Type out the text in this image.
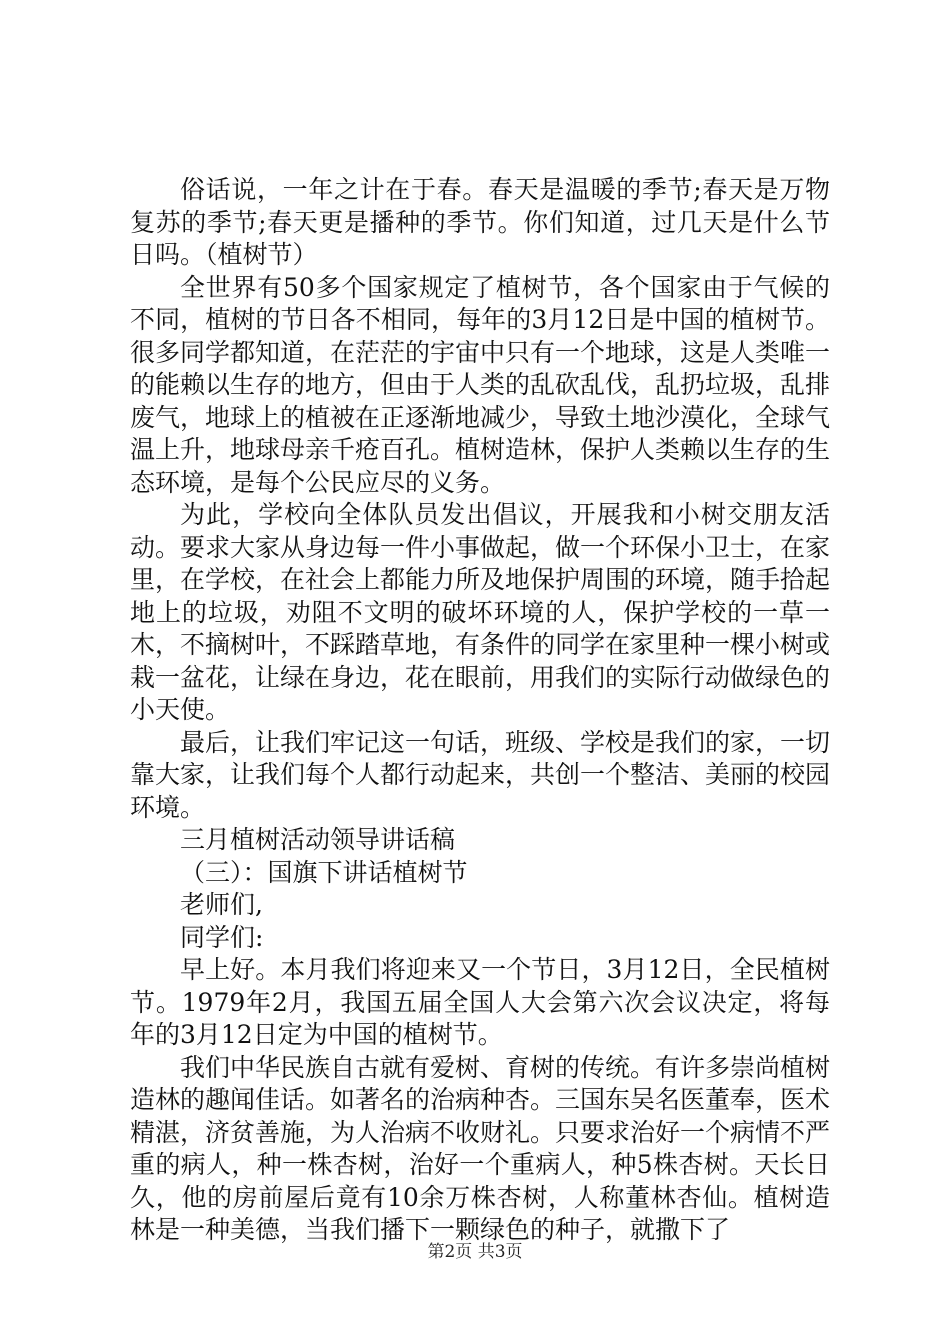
俗话说，一年之计在于春。春天是温暖的季节;春天是万物复苏的季节;春天更是播种的季节。你们知道，过几天是什么节日吗。（植树节）

全世界有50多个国家规定了植树节，各个国家由于气候的不同，植树的节日各不相同，每年的3月12日是中国的植树节。很多同学都知道，在茫茫的宇宙中只有一个地球，这是人类唯一的能赖以生存的地方，但由于人类的乱砍乱伐，乱扔垃圾，乱排废气，地球上的植被在正逐渐地减少，导致土地沙漠化，全球气温上升，地球母亲千疮百孔。植树造林，保护人类赖以生存的生态环境，是每个公民应尽的义务。

为此，学校向全体队员发出倡议，开展我和小树交朋友活动。要求大家从身边每一件小事做起，做一个环保小卫士，在家里，在学校，在社会上都能力所及地保护周围的环境，随手拾起地上的垃圾，劝阻不文明的破坏环境的人，保护学校的一草一木，不摘树叶，不踩踏草地，有条件的同学在家里种一棵小树或栽一盆花，让绿在身边，花在眼前，用我们的实际行动做绿色的小天使。

最后，让我们牢记这一句话，班级、学校是我们的家，一切靠大家，让我们每个人都行动起来，共创一个整洁、美丽的校园环境。

三月植树活动领导讲话稿

（三）：国旗下讲话植树节

老师们,

同学们:

早上好。本月我们将迎来又一个节日，3月12日，全民植树节。1979年2月，我国五届全国人大会第六次会议决定，将每年的3月12日定为中国的植树节。

我们中华民族自古就有爱树、育树的传统。有许多崇尚植树造林的趣闻佳话。如著名的治病种杏。三国东吴名医董奉，医术精湛，济贫善施，为人治病不收财礼。只要求治好一个病情不严重的病人，种一株杏树，治好一个重病人，种5株杏树。天长日久，他的房前屋后竟有10余万株杏树，人称董林杏仙。植树造林是一种美德，当我们播下一颗绿色的种子，就撒下了

第2页 共3页
